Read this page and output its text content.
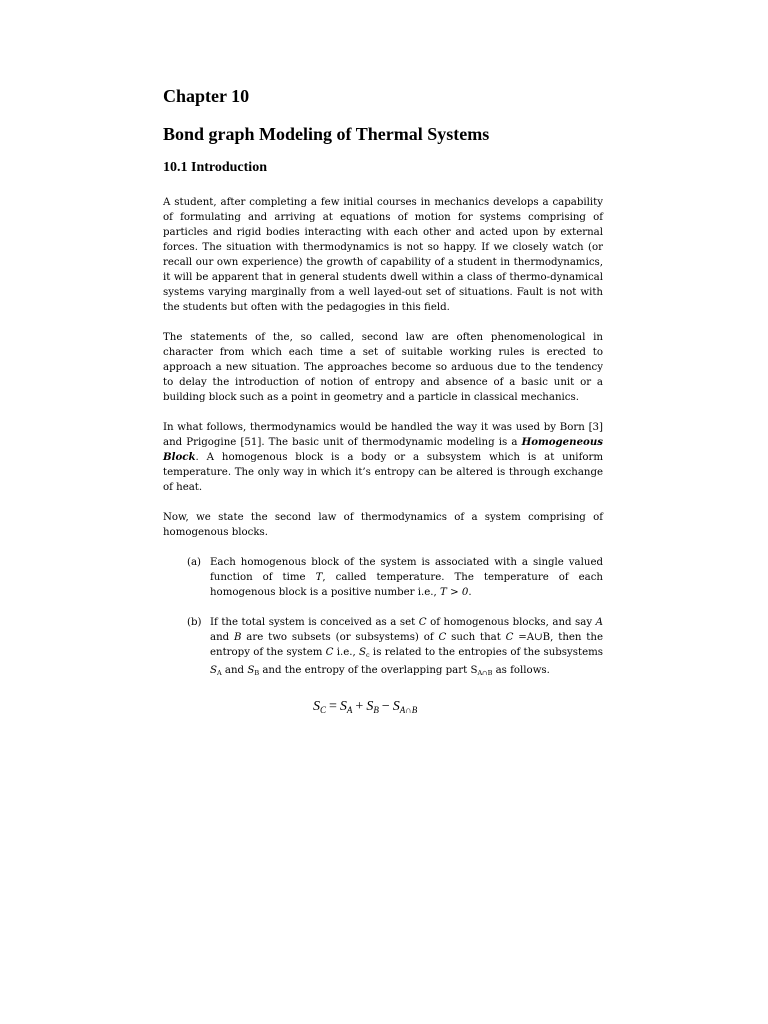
Chapter 10
Bond graph Modeling of Thermal Systems
10.1 Introduction

A student, after completing a few initial courses in mechanics develops a capability of formulating and arriving at equations of motion for systems comprising of particles and rigid bodies interacting with each other and acted upon by external forces. The situation with thermodynamics is not so happy. If we closely watch (or recall our own experience) the growth of capability of a student in thermodynamics, it will be apparent that in general students dwell within a class of thermo-dynamical systems varying marginally from a well layed-out set of situations. Fault is not with the students but often with the pedagogies in this field.

The statements of the, so called, second law are often phenomenological in character from which each time a set of suitable working rules is erected to approach a new situation. The approaches become so arduous due to the tendency to delay the introduction of notion of entropy and absence of a basic unit or a building block such as a point in geometry and a particle in classical mechanics.

In what follows, thermodynamics would be handled the way it was used by Born [3] and Prigogine [51]. The basic unit of thermodynamic modeling is a Homogeneous Block. A homogenous block is a body or a subsystem which is at uniform temperature. The only way in which it’s entropy can be altered is through exchange of heat.

Now, we state the second law of thermodynamics of a system comprising of homogenous blocks.

(a) Each homogenous block of the system is associated with a single valued function of time T, called temperature. The temperature of each homogenous block is a positive number i.e., T > 0.
(b) If the total system is conceived as a set C of homogenous blocks, and say A and B are two subsets (or subsystems) of C such that C =A∪B, then the entropy of the system C i.e., $S_c$ is related to the entropies of the subsystems $S_A$ and $S_B$ and the entropy of the overlapping part $S_{A\cap B}$ as follows.
$S_C = S_A + S_B - S_{A\cap B}$
